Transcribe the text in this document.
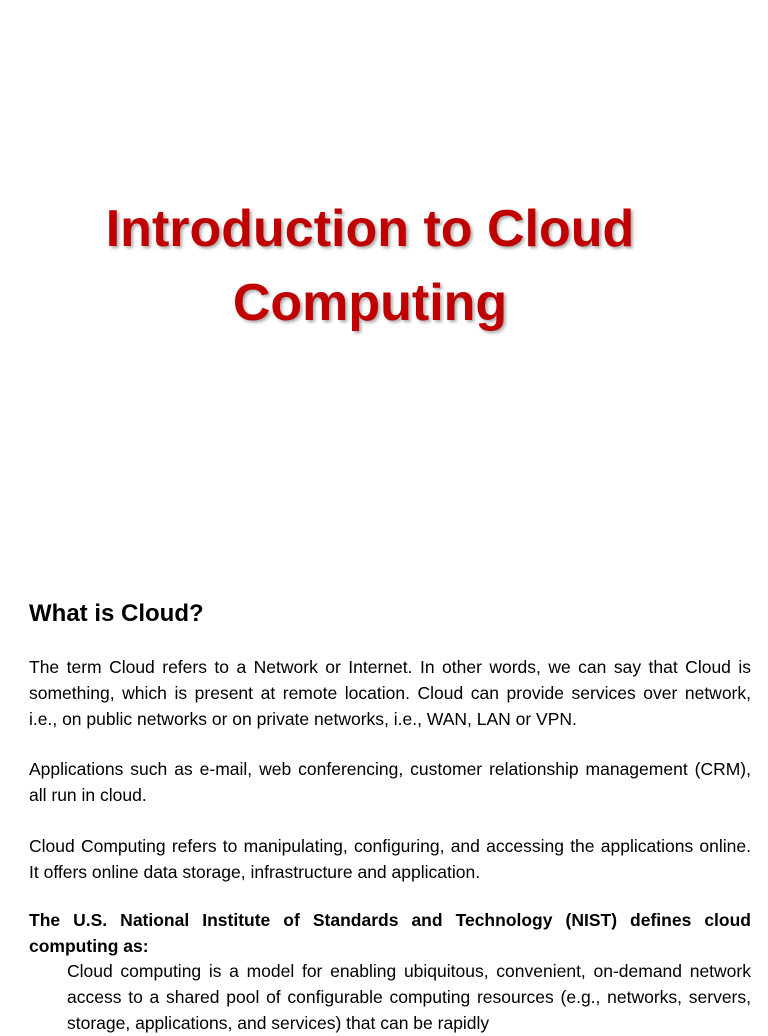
Introduction to Cloud
Computing
What is Cloud?

The term Cloud refers to a Network or Internet. In other words, we can say that Cloud is something, which is present at remote location. Cloud can provide services over network, i.e., on public networks or on private networks, i.e., WAN, LAN or VPN.

Applications such as e-mail, web conferencing, customer relationship management (CRM), all run in cloud.

Cloud Computing refers to manipulating, configuring, and accessing the applications online. It offers online data storage, infrastructure and application.

The U.S. National Institute of Standards and Technology (NIST) defines cloud computing as:

Cloud computing is a model for enabling ubiquitous, convenient, on-demand network access to a shared pool of configurable computing resources (e.g., networks, servers, storage, applications, and services) that can be rapidly
